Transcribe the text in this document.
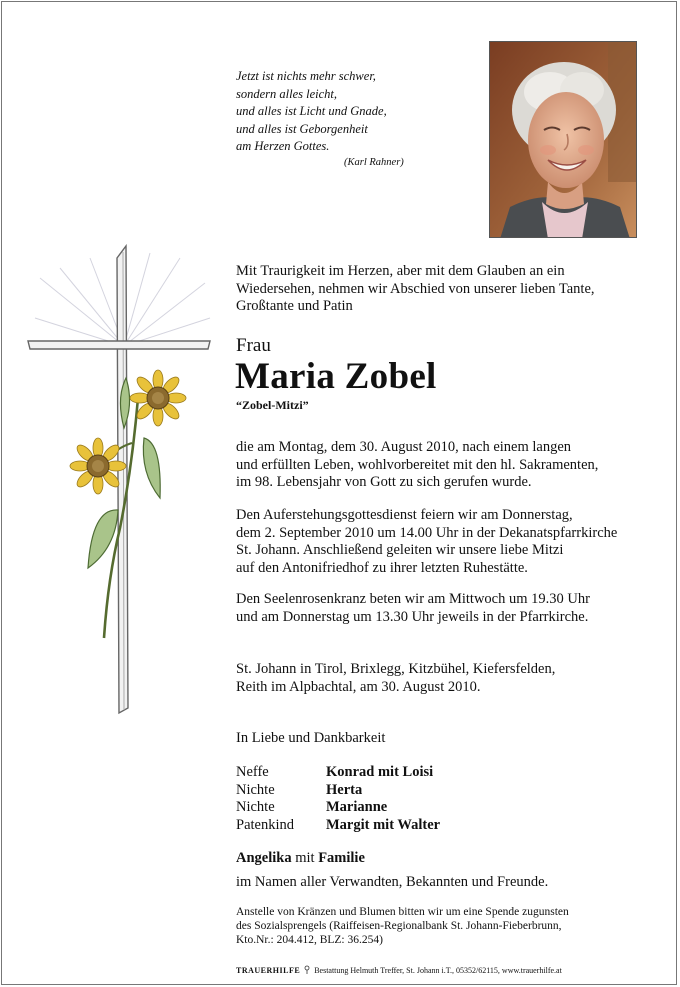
Jetzt ist nichts mehr schwer,
sondern alles leicht,
und alles ist Licht und Gnade,
und alles ist Geborgenheit
am Herzen Gottes.
(Karl Rahner)
Mit Traurigkeit im Herzen, aber mit dem Glauben an ein
Wiedersehen, nehmen wir Abschied von unserer lieben Tante,
Großtante und Patin
Frau
Maria Zobel
“Zobel-Mitzi”
die am Montag, dem 30. August 2010, nach einem langen
und erfüllten Leben, wohlvorbereitet mit den hl. Sakramenten,
im 98. Lebensjahr von Gott zu sich gerufen wurde.
Den Auferstehungsgottesdienst feiern wir am Donnerstag,
dem 2. September 2010 um 14.00 Uhr in der Dekanatspfarrkirche
St. Johann. Anschließend geleiten wir unsere liebe Mitzi
auf den Antonifriedhof zu ihrer letzten Ruhestätte.
Den Seelenrosenkranz beten wir am Mittwoch um 19.30 Uhr
und am Donnerstag um 13.30 Uhr jeweils in der Pfarrkirche.
St. Johann in Tirol, Brixlegg, Kitzbühel, Kiefersfelden,
Reith im Alpbachtal, am 30. August 2010.
In Liebe und Dankbarkeit
Neffe	Konrad mit Loisi
Nichte	Herta
Nichte	Marianne
Patenkind	Margit mit Walter
Angelika mit Familie
im Namen aller Verwandten, Bekannten und Freunde.
Anstelle von Kränzen und Blumen bitten wir um eine Spende zugunsten
des Sozialsprengels (Raiffeisen-Regionalbank St. Johann-Fieberbrunn,
Kto.Nr.: 204.412, BLZ: 36.254)
TRAUERHILFE Bestattung Helmuth Treffer, St. Johann i.T., 05352/62115, www.trauerhilfe.at
